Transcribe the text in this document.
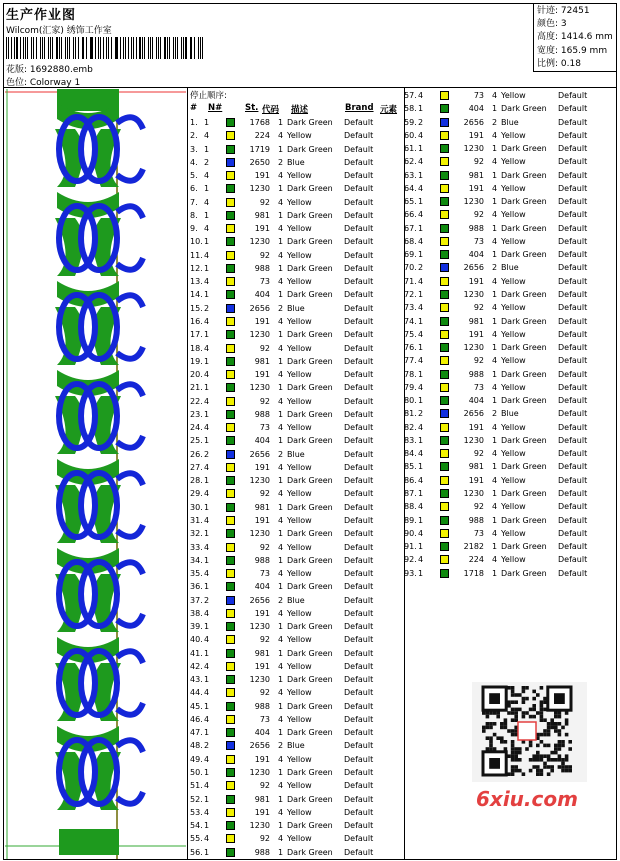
生产作业图
Wilcom(汇家) 绣饰工作室
花版: 1692880.emb
色位: Colorway 1
针迹: 72451
颜色: 3
高度: 1414.6 mm
宽度: 165.9 mm
比例: 0.18
停止顺序:
# N#	St. 代码 描述	Brand 元素
1. 1	1768 1 Dark Green Default
2. 4	224 4 Yellow	Default
3. 1	1719 1 Dark Green Default
4. 2	2650 2 Blue	Default
5. 4	191 4 Yellow	Default
6. 1	1230 1 Dark Green Default
7. 4	92 4 Yellow	Default
8. 1	981 1 Dark Green Default
9. 4	191 4 Yellow	Default
10. 1	1230 1 Dark Green Default
11. 4	92 4 Yellow	Default
12. 1	988 1 Dark Green Default
13. 4	73 4 Yellow	Default
14. 1	404 1 Dark Green Default
15. 2	2656 2 Blue	Default
16. 4	191 4 Yellow	Default
17. 1	1230 1 Dark Green Default
18. 4	92 4 Yellow	Default
19. 1	981 1 Dark Green Default
20. 4	191 4 Yellow	Default
21. 1	1230 1 Dark Green Default
22. 4	92 4 Yellow	Default
23. 1	988 1 Dark Green Default
24. 4	73 4 Yellow	Default
25. 1	404 1 Dark Green Default
26. 2	2656 2 Blue	Default
27. 4	191 4 Yellow	Default
28. 1	1230 1 Dark Green Default
29. 4	92 4 Yellow	Default
30. 1	981 1 Dark Green Default
31. 4	191 4 Yellow	Default
32. 1	1230 1 Dark Green Default
33. 4	92 4 Yellow	Default
34. 1	988 1 Dark Green Default
35. 4	73 4 Yellow	Default
36. 1	404 1 Dark Green Default
37. 2	2656 2 Blue	Default
38. 4	191 4 Yellow	Default
39. 1	1230 1 Dark Green Default
40. 4	92 4 Yellow	Default
41. 1	981 1 Dark Green Default
42. 4	191 4 Yellow	Default
43. 1	1230 1 Dark Green Default
44. 4	92 4 Yellow	Default
45. 1	988 1 Dark Green Default
46. 4	73 4 Yellow	Default
47. 1	404 1 Dark Green Default
48. 2	2656 2 Blue	Default
49. 4	191 4 Yellow	Default
50. 1	1230 1 Dark Green Default
51. 4	92 4 Yellow	Default
52. 1	981 1 Dark Green Default
53. 4	191 4 Yellow	Default
54. 1	1230 1 Dark Green Default
55. 4	92 4 Yellow	Default
56. 1	988 1 Dark Green Default
57. 4	73 4 Yellow	Default
58. 1	404 1 Dark Green Default
59. 2	2656 2 Blue	Default
60. 4	191 4 Yellow	Default
61. 1	1230 1 Dark Green Default
62. 4	92 4 Yellow	Default
63. 1	981 1 Dark Green Default
64. 4	191 4 Yellow	Default
65. 1	1230 1 Dark Green Default
66. 4	92 4 Yellow	Default
67. 1	988 1 Dark Green Default
68. 4	73 4 Yellow	Default
69. 1	404 1 Dark Green Default
70. 2	2656 2 Blue	Default
71. 4	191 4 Yellow	Default
72. 1	1230 1 Dark Green Default
73. 4	92 4 Yellow	Default
74. 1	981 1 Dark Green Default
75. 4	191 4 Yellow	Default
76. 1	1230 1 Dark Green Default
77. 4	92 4 Yellow	Default
78. 1	988 1 Dark Green Default
79. 4	73 4 Yellow	Default
80. 1	404 1 Dark Green Default
81. 2	2656 2 Blue	Default
82. 4	191 4 Yellow	Default
83. 1	1230 1 Dark Green Default
84. 4	92 4 Yellow	Default
85. 1	981 1 Dark Green Default
86. 4	191 4 Yellow	Default
87. 1	1230 1 Dark Green Default
88. 4	92 4 Yellow	Default
89. 1	988 1 Dark Green Default
90. 4	73 4 Yellow	Default
91. 1	2182 1 Dark Green Default
92. 4	224 4 Yellow	Default
93. 1	1718 1 Dark Green Default
6xiu.com
